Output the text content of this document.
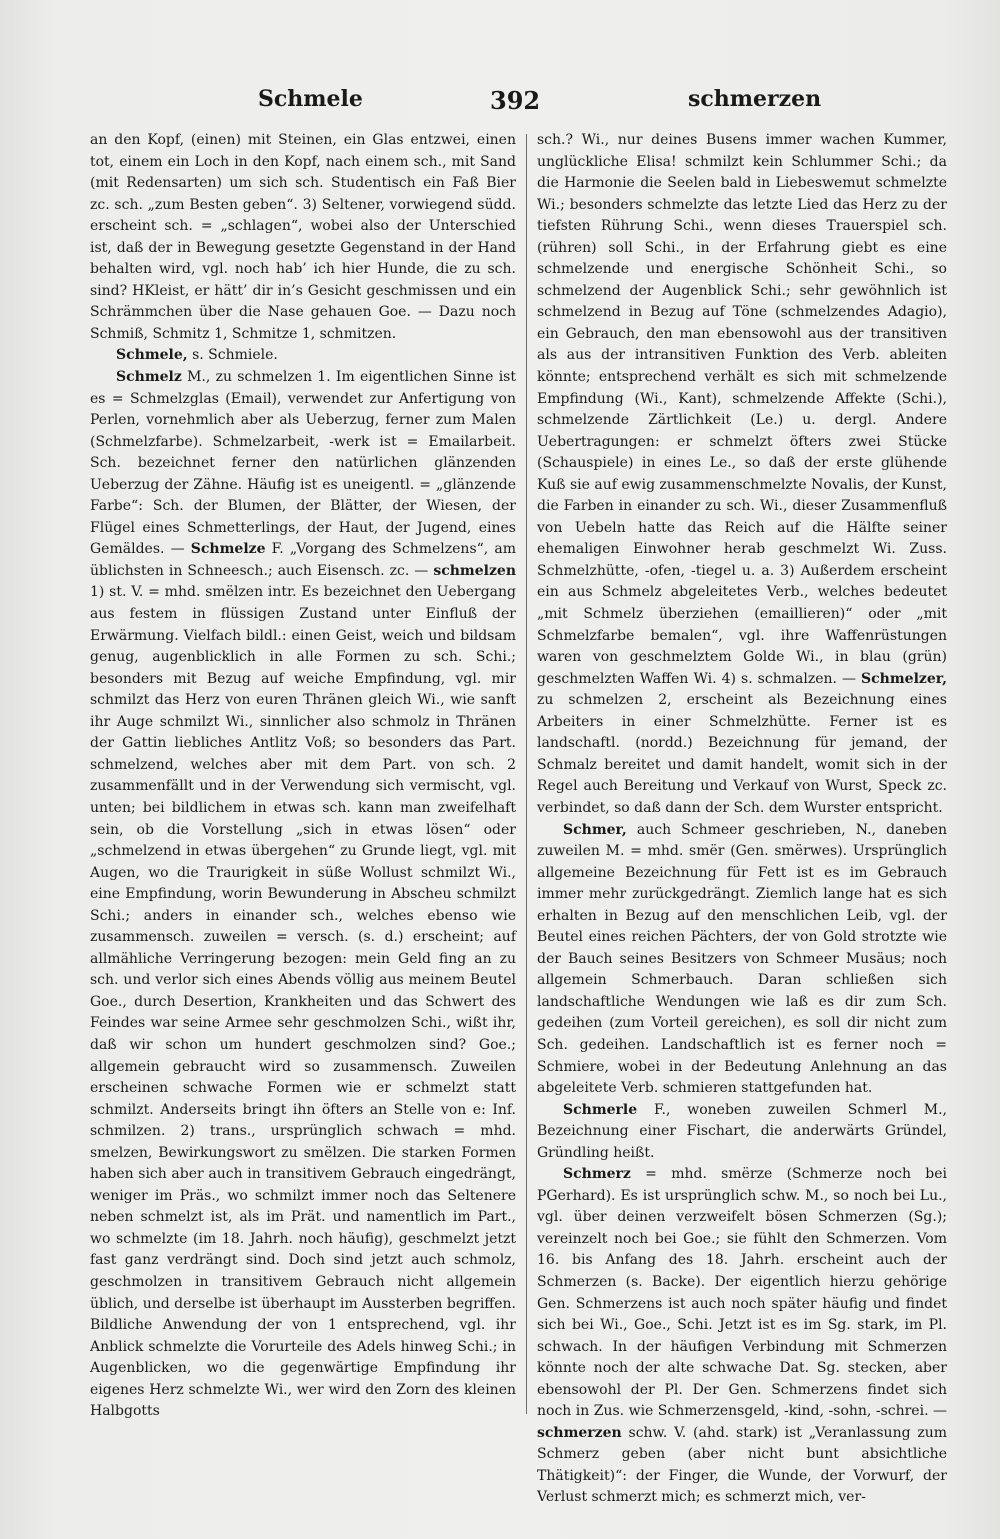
Schmele	392	schmerzen

an den Kopf, (einen) mit Steinen, ein Glas entzwei, einen tot, einem ein Loch in den Kopf, nach einem sch., mit Sand (mit Redensarten) um sich sch. Studentisch ein Faß Bier zc. sch. „zum Besten geben“. 3) Seltener, vorwiegend südd. erscheint sch. = „schlagen“, wobei also der Unterschied ist, daß der in Bewegung gesetzte Gegenstand in der Hand behalten wird, vgl. noch hab’ ich hier Hunde, die zu sch. sind? HKleist, er hätt’ dir in’s Gesicht geschmissen und ein Schrämmchen über die Nase gehauen Goe. — Dazu noch Schmiß, Schmitz 1, Schmitze 1, schmitzen.

Schmele, s. Schmiele.

Schmelz M., zu schmelzen 1. Im eigentlichen Sinne ist es = Schmelzglas (Email), verwendet zur Anfertigung von Perlen, vornehmlich aber als Ueberzug, ferner zum Malen (Schmelzfarbe). Schmelzarbeit, -werk ist = Emailarbeit. Sch. bezeichnet ferner den natürlichen glänzenden Ueberzug der Zähne. Häufig ist es uneigentl. = „glänzende Farbe“: Sch. der Blumen, der Blätter, der Wiesen, der Flügel eines Schmetterlings, der Haut, der Jugend, eines Gemäldes. — Schmelze F. „Vorgang des Schmelzens“, am üblichsten in Schneesch.; auch Eisensch. zc. — schmelzen 1) st. V. = mhd. smëlzen intr. Es bezeichnet den Uebergang aus festem in flüssigen Zustand unter Einfluß der Erwärmung. Vielfach bildl.: einen Geist, weich und bildsam genug, augenblicklich in alle Formen zu sch. Schi.; besonders mit Bezug auf weiche Empfindung, vgl. mir schmilzt das Herz von euren Thränen gleich Wi., wie sanft ihr Auge schmilzt Wi., sinnlicher also schmolz in Thränen der Gattin liebliches Antlitz Voß; so besonders das Part. schmelzend, welches aber mit dem Part. von sch. 2 zusammenfällt und in der Verwendung sich vermischt, vgl. unten; bei bildlichem in etwas sch. kann man zweifelhaft sein, ob die Vorstellung „sich in etwas lösen“ oder „schmelzend in etwas übergehen“ zu Grunde liegt, vgl. mit Augen, wo die Traurigkeit in süße Wollust schmilzt Wi., eine Empfindung, worin Bewunderung in Abscheu schmilzt Schi.; anders in einander sch., welches ebenso wie zusammensch. zuweilen = versch. (s. d.) erscheint; auf allmähliche Verringerung bezogen: mein Geld fing an zu sch. und verlor sich eines Abends völlig aus meinem Beutel Goe., durch Desertion, Krankheiten und das Schwert des Feindes war seine Armee sehr geschmolzen Schi., wißt ihr, daß wir schon um hundert geschmolzen sind? Goe.; allgemein gebraucht wird so zusammensch. Zuweilen erscheinen schwache Formen wie er schmelzt statt schmilzt. Anderseits bringt ihn öfters an Stelle von e: Inf. schmilzen. 2) trans., ursprünglich schwach = mhd. smelzen, Bewirkungswort zu smëlzen. Die starken Formen haben sich aber auch in transitivem Gebrauch eingedrängt, weniger im Präs., wo schmilzt immer noch das Seltenere neben schmelzt ist, als im Prät. und namentlich im Part., wo schmelzte (im 18. Jahrh. noch häufig), geschmelzt jetzt fast ganz verdrängt sind. Doch sind jetzt auch schmolz, geschmolzen in transitivem Gebrauch nicht allgemein üblich, und derselbe ist überhaupt im Aussterben begriffen. Bildliche Anwendung der von 1 entsprechend, vgl. ihr Anblick schmelzte die Vorurteile des Adels hinweg Schi.; in Augenblicken, wo die gegenwärtige Empfindung ihr eigenes Herz schmelzte Wi., wer wird den Zorn des kleinen Halbgotts

sch.? Wi., nur deines Busens immer wachen Kummer, unglückliche Elisa! schmilzt kein Schlummer Schi.; da die Harmonie die Seelen bald in Liebeswemut schmelzte Wi.; besonders schmelzte das letzte Lied das Herz zu der tiefsten Rührung Schi., wenn dieses Trauerspiel sch. (rühren) soll Schi., in der Erfahrung giebt es eine schmelzende und energische Schönheit Schi., so schmelzend der Augenblick Schi.; sehr gewöhnlich ist schmelzend in Bezug auf Töne (schmelzendes Adagio), ein Gebrauch, den man ebensowohl aus der transitiven als aus der intransitiven Funktion des Verb. ableiten könnte; entsprechend verhält es sich mit schmelzende Empfindung (Wi., Kant), schmelzende Affekte (Schi.), schmelzende Zärtlichkeit (Le.) u. dergl. Andere Uebertragungen: er schmelzt öfters zwei Stücke (Schauspiele) in eines Le., so daß der erste glühende Kuß sie auf ewig zusammenschmelzte Novalis, der Kunst, die Farben in einander zu sch. Wi., dieser Zusammenfluß von Uebeln hatte das Reich auf die Hälfte seiner ehemaligen Einwohner herab geschmelzt Wi. Zuss. Schmelzhütte, -ofen, -tiegel u. a. 3) Außerdem erscheint ein aus Schmelz abgeleitetes Verb., welches bedeutet „mit Schmelz überziehen (emaillieren)“ oder „mit Schmelzfarbe bemalen“, vgl. ihre Waffenrüstungen waren von geschmelztem Golde Wi., in blau (grün) geschmelzten Waffen Wi. 4) s. schmalzen. — Schmelzer, zu schmelzen 2, erscheint als Bezeichnung eines Arbeiters in einer Schmelzhütte. Ferner ist es landschaftl. (nordd.) Bezeichnung für jemand, der Schmalz bereitet und damit handelt, womit sich in der Regel auch Bereitung und Verkauf von Wurst, Speck zc. verbindet, so daß dann der Sch. dem Wurster entspricht.

Schmer, auch Schmeer geschrieben, N., daneben zuweilen M. = mhd. smër (Gen. smërwes). Ursprünglich allgemeine Bezeichnung für Fett ist es im Gebrauch immer mehr zurückgedrängt. Ziemlich lange hat es sich erhalten in Bezug auf den menschlichen Leib, vgl. der Beutel eines reichen Pächters, der von Gold strotzte wie der Bauch seines Besitzers von Schmeer Musäus; noch allgemein Schmerbauch. Daran schließen sich landschaftliche Wendungen wie laß es dir zum Sch. gedeihen (zum Vorteil gereichen), es soll dir nicht zum Sch. gedeihen. Landschaftlich ist es ferner noch = Schmiere, wobei in der Bedeutung Anlehnung an das abgeleitete Verb. schmieren stattgefunden hat.

Schmerle F., woneben zuweilen Schmerl M., Bezeichnung einer Fischart, die anderwärts Gründel, Gründling heißt.

Schmerz = mhd. smërze (Schmerze noch bei PGerhard). Es ist ursprünglich schw. M., so noch bei Lu., vgl. über deinen verzweifelt bösen Schmerzen (Sg.); vereinzelt noch bei Goe.; sie fühlt den Schmerzen. Vom 16. bis Anfang des 18. Jahrh. erscheint auch der Schmerzen (s. Backe). Der eigentlich hierzu gehörige Gen. Schmerzens ist auch noch später häufig und findet sich bei Wi., Goe., Schi. Jetzt ist es im Sg. stark, im Pl. schwach. In der häufigen Verbindung mit Schmerzen könnte noch der alte schwache Dat. Sg. stecken, aber ebensowohl der Pl. Der Gen. Schmerzens findet sich noch in Zus. wie Schmerzensgeld, -kind, -sohn, -schrei. — schmerzen schw. V. (ahd. stark) ist „Veranlassung zum Schmerz geben (aber nicht bunt absichtliche Thätigkeit)“: der Finger, die Wunde, der Vorwurf, der Verlust schmerzt mich; es schmerzt mich, ver-
